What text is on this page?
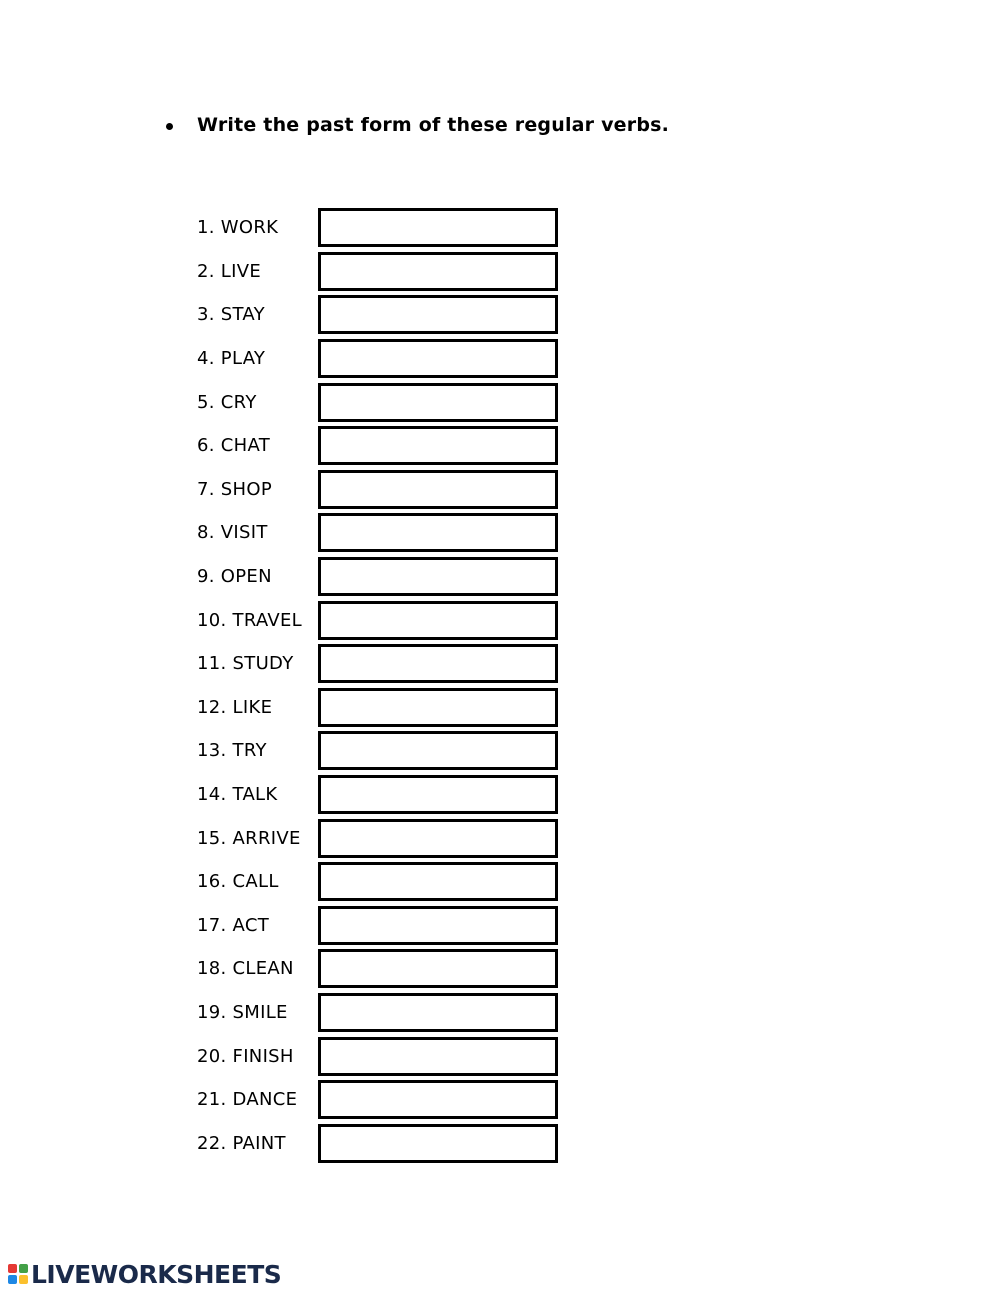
Write the past form of these regular verbs.
1. WORK
2. LIVE
3. STAY
4. PLAY
5. CRY
6. CHAT
7. SHOP
8. VISIT
9. OPEN
10. TRAVEL
11. STUDY
12. LIKE
13. TRY
14. TALK
15. ARRIVE
16. CALL
17. ACT
18. CLEAN
19. SMILE
20. FINISH
21. DANCE
22. PAINT
LIVEWORKSHEETS
